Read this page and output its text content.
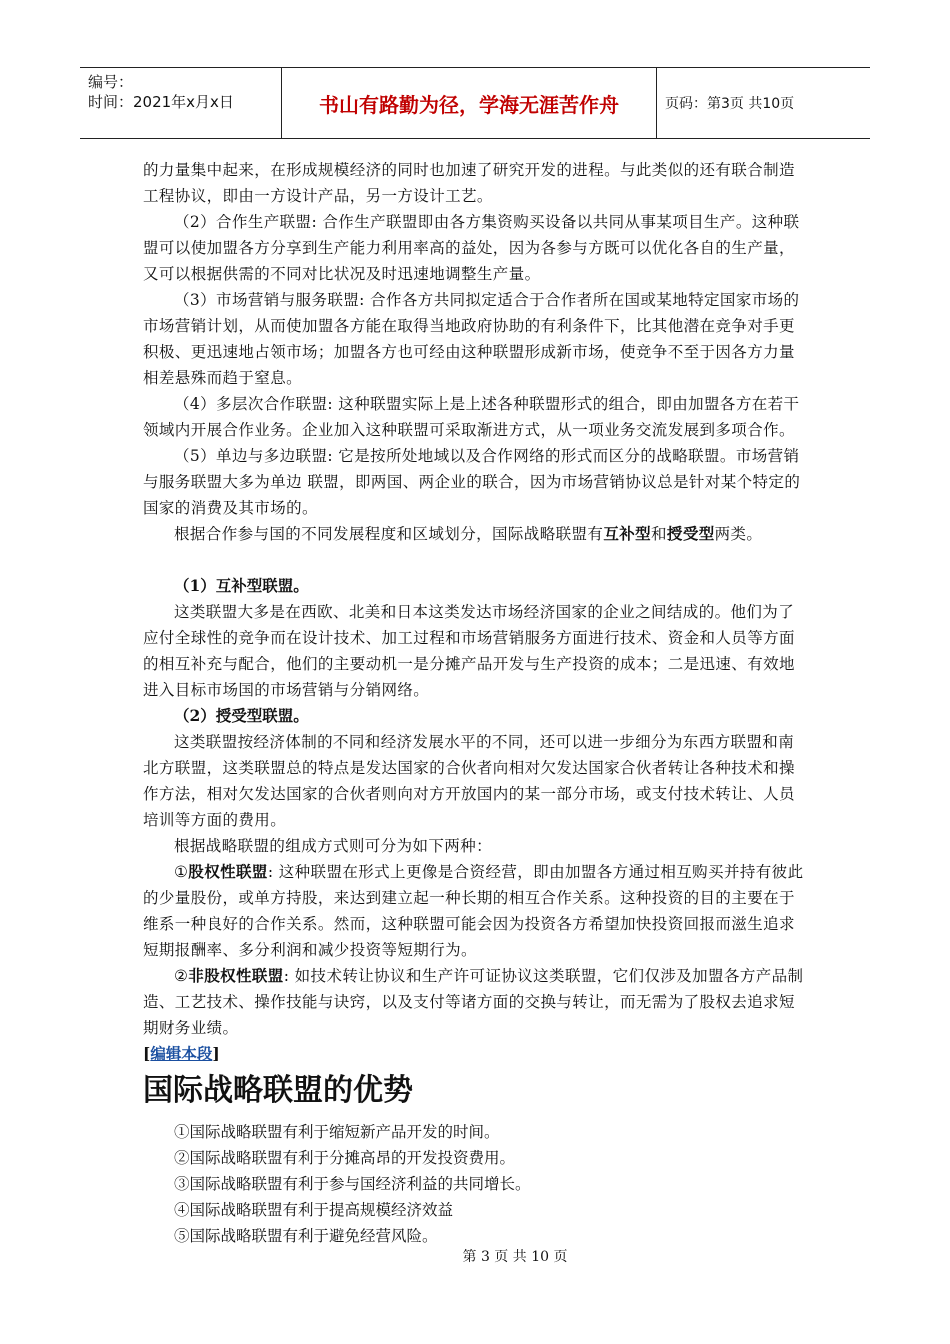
编号：
时间：2021年x月x日	书山有路勤为径，学海无涯苦作舟	页码：第3页 共10页

的力量集中起来，在形成规模经济的同时也加速了研究开发的进程。与此类似的还有联合制造工程协议，即由一方设计产品，另一方设计工艺。

（2）合作生产联盟: 合作生产联盟即由各方集资购买设备以共同从事某项目生产。这种联盟可以使加盟各方分享到生产能力利用率高的益处，因为各参与方既可以优化各自的生产量，又可以根据供需的不同对比状况及时迅速地调整生产量。

（3）市场营销与服务联盟: 合作各方共同拟定适合于合作者所在国或某地特定国家市场的市场营销计划，从而使加盟各方能在取得当地政府协助的有利条件下，比其他潜在竞争对手更积极、更迅速地占领市场；加盟各方也可经由这种联盟形成新市场，使竞争不至于因各方力量相差悬殊而趋于窒息。

（4）多层次合作联盟: 这种联盟实际上是上述各种联盟形式的组合，即由加盟各方在若干领域内开展合作业务。企业加入这种联盟可采取渐进方式，从一项业务交流发展到多项合作。

（5）单边与多边联盟: 它是按所处地域以及合作网络的形式而区分的战略联盟。市场营销与服务联盟大多为单边 联盟，即两国、两企业的联合，因为市场营销协议总是针对某个特定的国家的消费及其市场的。

根据合作参与国的不同发展程度和区域划分，国际战略联盟有互补型和授受型两类。

（1）互补型联盟。

这类联盟大多是在西欧、北美和日本这类发达市场经济国家的企业之间结成的。他们为了应付全球性的竞争而在设计技术、加工过程和市场营销服务方面进行技术、资金和人员等方面的相互补充与配合，他们的主要动机一是分摊产品开发与生产投资的成本；二是迅速、有效地进入目标市场国的市场营销与分销网络。

（2）授受型联盟。

这类联盟按经济体制的不同和经济发展水平的不同，还可以进一步细分为东西方联盟和南北方联盟，这类联盟总的特点是发达国家的合伙者向相对欠发达国家合伙者转让各种技术和操作方法，相对欠发达国家的合伙者则向对方开放国内的某一部分市场，或支付技术转让、人员培训等方面的费用。

根据战略联盟的组成方式则可分为如下两种：

①股权性联盟: 这种联盟在形式上更像是合资经营，即由加盟各方通过相互购买并持有彼此的少量股份，或单方持股，来达到建立起一种长期的相互合作关系。这种投资的目的主要在于维系一种良好的合作关系。然而，这种联盟可能会因为投资各方希望加快投资回报而滋生追求短期报酬率、多分利润和减少投资等短期行为。

②非股权性联盟: 如技术转让协议和生产许可证协议这类联盟，它们仅涉及加盟各方产品制造、工艺技术、操作技能与诀窍，以及支付等诸方面的交换与转让，而无需为了股权去追求短期财务业绩。

[编辑本段]

国际战略联盟的优势

①国际战略联盟有利于缩短新产品开发的时间。

②国际战略联盟有利于分摊高昂的开发投资费用。

③国际战略联盟有利于参与国经济利益的共同增长。

④国际战略联盟有利于提高规模经济效益

⑤国际战略联盟有利于避免经营风险。

第 3 页 共 10 页
